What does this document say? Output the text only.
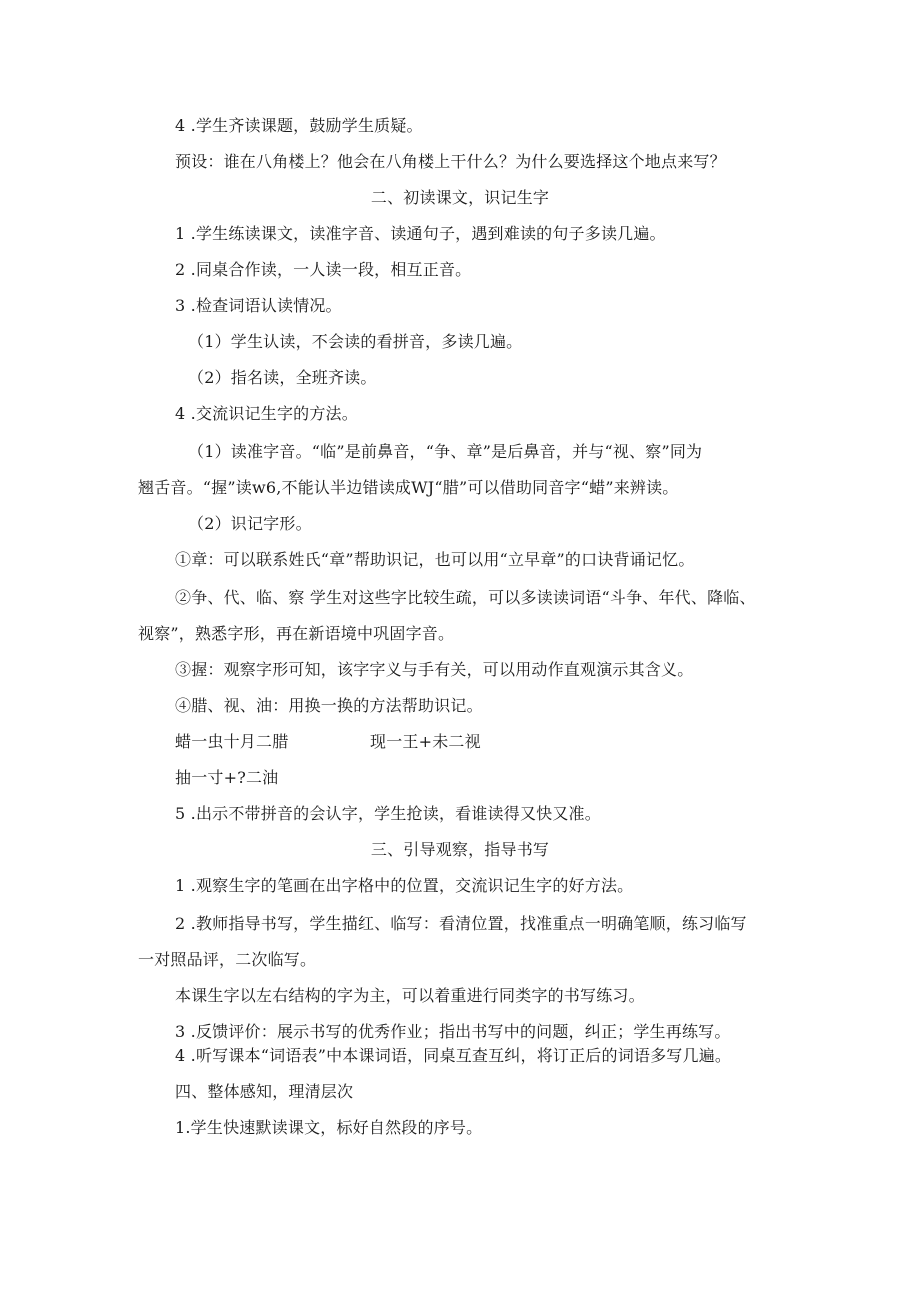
4 .学生齐读课题，鼓励学生质疑。
预设：谁在八角楼上？他会在八角楼上干什么？为什么要选择这个地点来写？
二、初读课文，识记生字
1 .学生练读课文，读准字音、读通句子，遇到难读的句子多读几遍。
2 .同桌合作读，一人读一段，相互正音。
3 .检查词语认读情况。
（1）学生认读，不会读的看拼音，多读几遍。
（2）指名读，全班齐读。
4 .交流识记生字的方法。
（1）读准字音。“临”是前鼻音，“争、章”是后鼻音，并与“视、察”同为
翘舌音。“握”读w6,不能认半边错读成WJ“腊”可以借助同音字“蜡”来辨读。
（2）识记字形。
①章：可以联系姓氏“章”帮助识记，也可以用“立早章”的口诀背诵记忆。
②争、代、临、察 学生对这些字比较生疏，可以多读读词语“斗争、年代、降临、
视察”，熟悉字形，再在新语境中巩固字音。
③握：观察字形可知，该字字义与手有关，可以用动作直观演示其含义。
④腊、视、油：用换一换的方法帮助识记。
蜡一虫十月二腊	现一王+未二视
抽一寸+?二油
5 .出示不带拼音的会认字，学生抢读，看谁读得又快又准。
三、引导观察，指导书写
1 .观察生字的笔画在出字格中的位置，交流识记生字的好方法。
2 .教师指导书写，学生描红、临写：看清位置，找准重点一明确笔顺，练习临写
一对照品评，二次临写。
本课生字以左右结构的字为主，可以着重进行同类字的书写练习。
3 .反馈评价：展示书写的优秀作业；指出书写中的问题，纠正；学生再练写。
4 .听写课本“词语表”中本课词语，同桌互查互纠，将订正后的词语多写几遍。
四、整体感知，理清层次
1.学生快速默读课文，标好自然段的序号。
